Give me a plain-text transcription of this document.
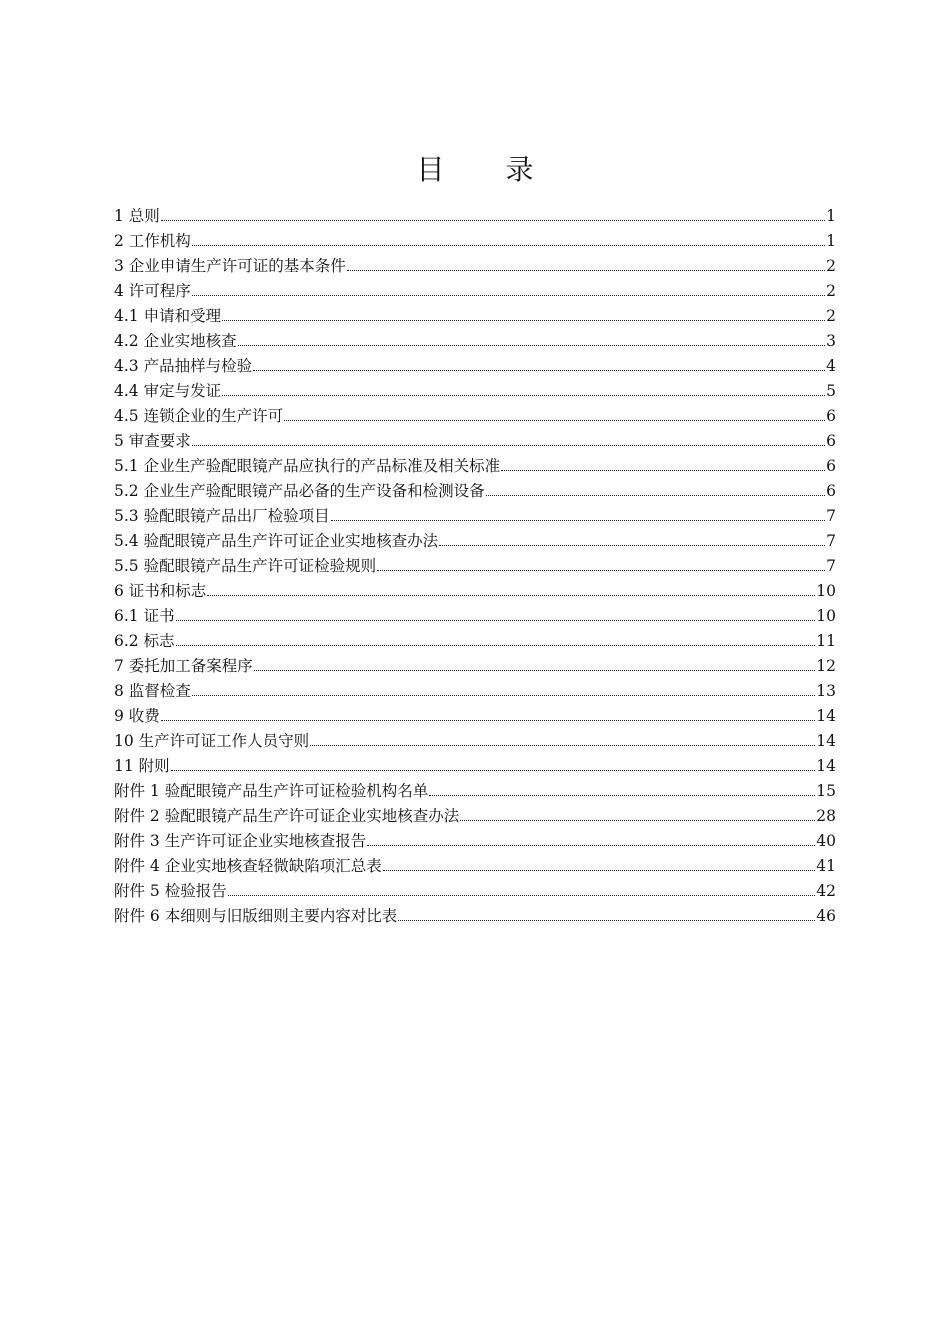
目 录
1 总则	1
2 工作机构	1
3 企业申请生产许可证的基本条件	2
4 许可程序	2
4.1 申请和受理	2
4.2 企业实地核查	3
4.3 产品抽样与检验	4
4.4 审定与发证	5
4.5 连锁企业的生产许可	6
5 审查要求	6
5.1 企业生产验配眼镜产品应执行的产品标准及相关标准	6
5.2 企业生产验配眼镜产品必备的生产设备和检测设备	6
5.3 验配眼镜产品出厂检验项目	7
5.4 验配眼镜产品生产许可证企业实地核查办法	7
5.5 验配眼镜产品生产许可证检验规则	7
6 证书和标志	10
6.1 证书	10
6.2 标志	11
7 委托加工备案程序	12
8 监督检查	13
9 收费	14
10 生产许可证工作人员守则	14
11 附则	14
附件 1 验配眼镜产品生产许可证检验机构名单	15
附件 2 验配眼镜产品生产许可证企业实地核查办法	28
附件 3 生产许可证企业实地核查报告	40
附件 4 企业实地核查轻微缺陷项汇总表	41
附件 5 检验报告	42
附件 6 本细则与旧版细则主要内容对比表	46
